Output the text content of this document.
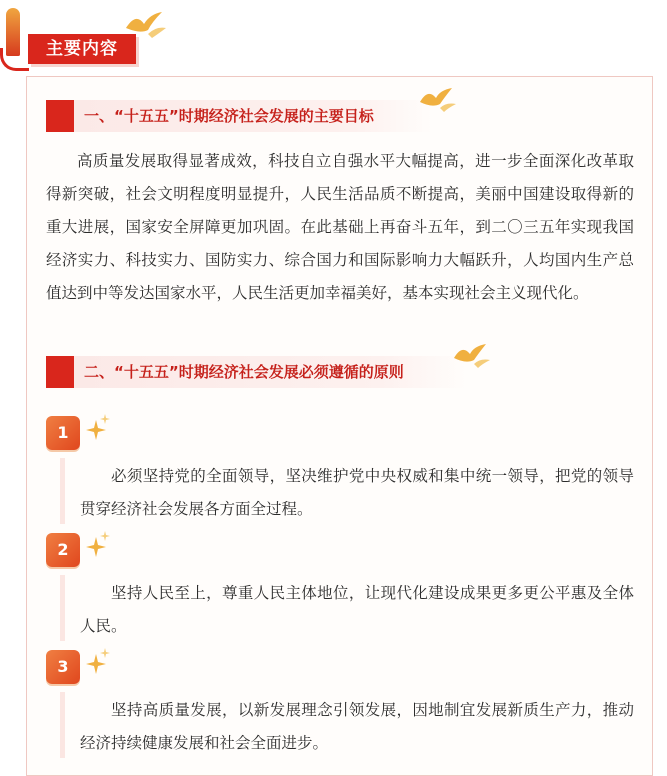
主要内容
一、“十五五”时期经济社会发展的主要目标

高质量发展取得显著成效，科技自立自强水平大幅提高，进一步全面深化改革取得新突破，社会文明程度明显提升，人民生活品质不断提高，美丽中国建设取得新的重大进展，国家安全屏障更加巩固。在此基础上再奋斗五年，到二〇三五年实现我国经济实力、科技实力、国防实力、综合国力和国际影响力大幅跃升，人均国内生产总值达到中等发达国家水平，人民生活更加幸福美好，基本实现社会主义现代化。

二、“十五五”时期经济社会发展必须遵循的原则
1

必须坚持党的全面领导，坚决维护党中央权威和集中统一领导，把党的领导贯穿经济社会发展各方面全过程。

2

坚持人民至上，尊重人民主体地位，让现代化建设成果更多更公平惠及全体人民。

3

坚持高质量发展，以新发展理念引领发展，因地制宜发展新质生产力，推动经济持续健康发展和社会全面进步。
